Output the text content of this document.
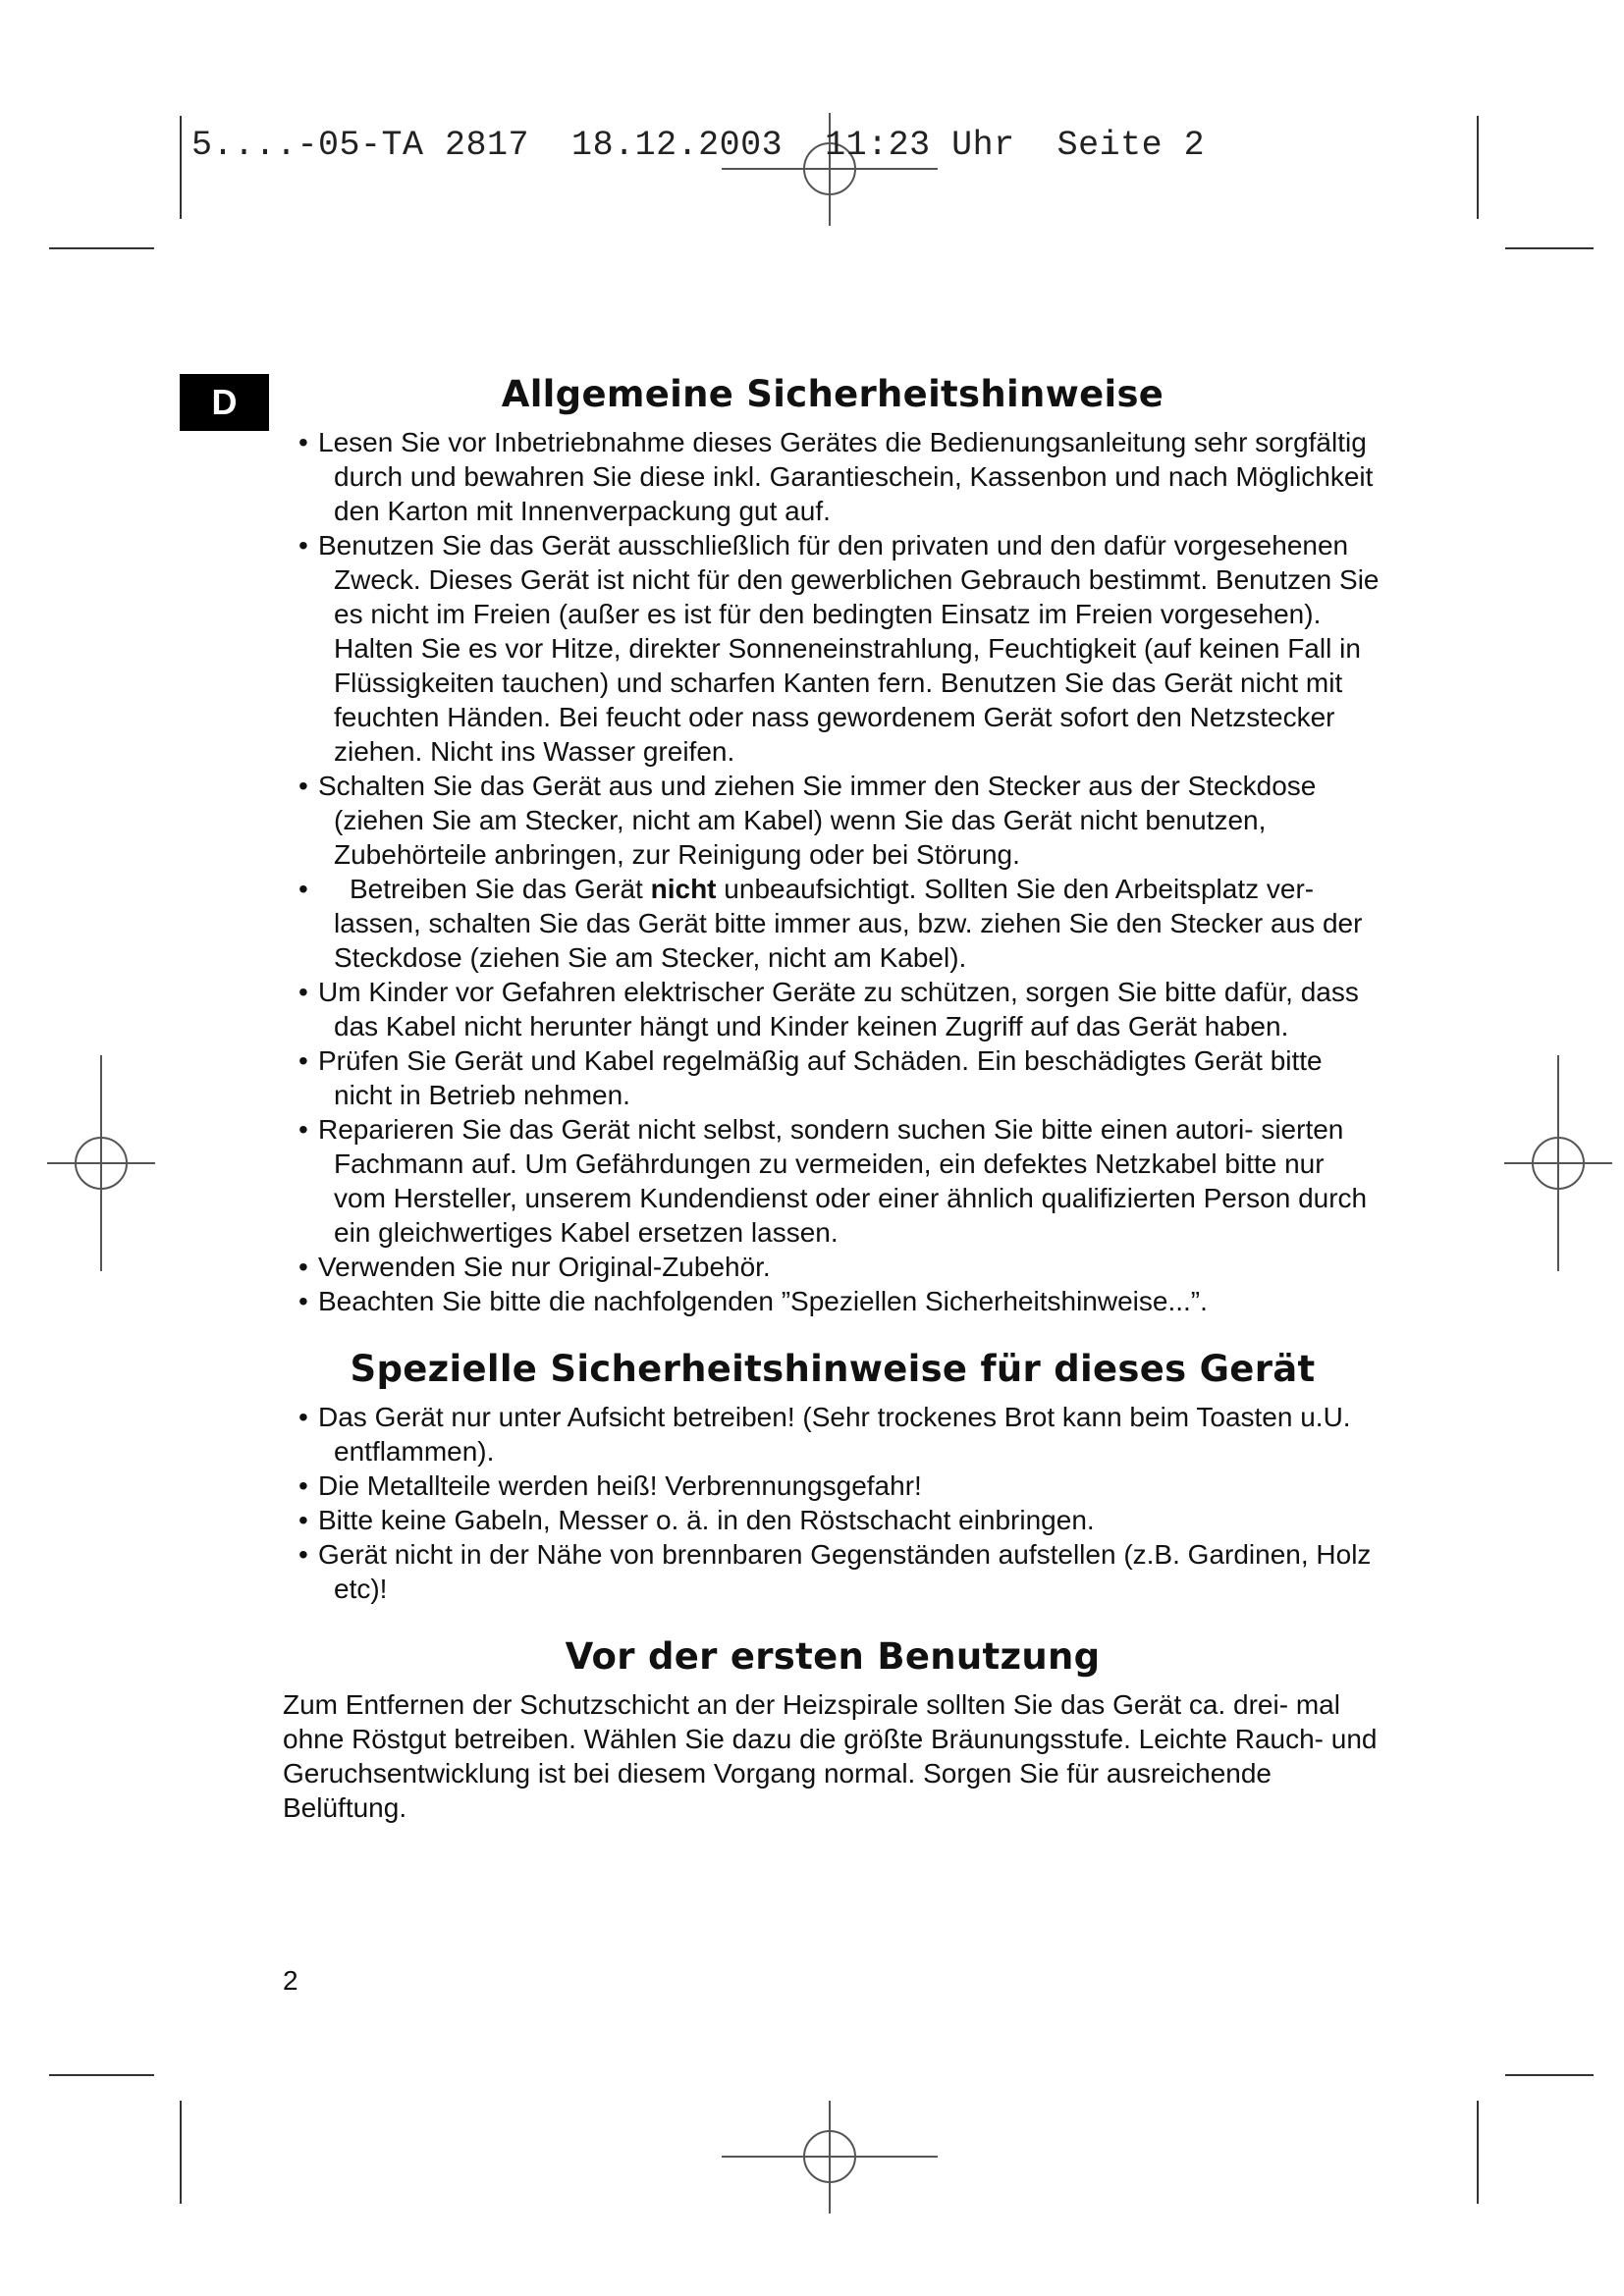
5....-05-TA 2817  18.12.2003  11:23 Uhr  Seite 2
D	Allgemeine Sicherheitshinweise
• Lesen Sie vor Inbetriebnahme dieses Gerätes die Bedienungsanleitung sehr sorgfältig durch und bewahren Sie diese inkl. Garantieschein, Kassenbon und nach Möglichkeit den Karton mit Innenverpackung gut auf.
• Benutzen Sie das Gerät ausschließlich für den privaten und den dafür vorgesehenen Zweck. Dieses Gerät ist nicht für den gewerblichen Gebrauch bestimmt. Benutzen Sie es nicht im Freien (außer es ist für den bedingten Einsatz im Freien vorgesehen). Halten Sie es vor Hitze, direkter Sonneneinstrahlung, Feuchtigkeit (auf keinen Fall in Flüssigkeiten tauchen) und scharfen Kanten fern. Benutzen Sie das Gerät nicht mit feuchten Händen. Bei feucht oder nass gewordenem Gerät sofort den Netzstecker ziehen. Nicht ins Wasser greifen.
• Schalten Sie das Gerät aus und ziehen Sie immer den Stecker aus der Steckdose (ziehen Sie am Stecker, nicht am Kabel) wenn Sie das Gerät nicht benutzen, Zubehörteile anbringen, zur Reinigung oder bei Störung.
• Betreiben Sie das Gerät nicht unbeaufsichtigt. Sollten Sie den Arbeitsplatz ver- lassen, schalten Sie das Gerät bitte immer aus, bzw. ziehen Sie den Stecker aus der Steckdose (ziehen Sie am Stecker, nicht am Kabel).
• Um Kinder vor Gefahren elektrischer Geräte zu schützen, sorgen Sie bitte dafür, dass das Kabel nicht herunter hängt und Kinder keinen Zugriff auf das Gerät haben.
• Prüfen Sie Gerät und Kabel regelmäßig auf Schäden. Ein beschädigtes Gerät bitte nicht in Betrieb nehmen.
• Reparieren Sie das Gerät nicht selbst, sondern suchen Sie bitte einen autori- sierten Fachmann auf. Um Gefährdungen zu vermeiden, ein defektes Netzkabel bitte nur vom Hersteller, unserem Kundendienst oder einer ähnlich qualifizierten Person durch ein gleichwertiges Kabel ersetzen lassen.
• Verwenden Sie nur Original-Zubehör.
• Beachten Sie bitte die nachfolgenden ”Speziellen Sicherheitshinweise...”.
Spezielle Sicherheitshinweise für dieses Gerät
• Das Gerät nur unter Aufsicht betreiben! (Sehr trockenes Brot kann beim Toasten u.U. entflammen).
• Die Metallteile werden heiß! Verbrennungsgefahr!
• Bitte keine Gabeln, Messer o. ä. in den Röstschacht einbringen.
• Gerät nicht in der Nähe von brennbaren Gegenständen aufstellen (z.B. Gardinen, Holz etc)!
Vor der ersten Benutzung

Zum Entfernen der Schutzschicht an der Heizspirale sollten Sie das Gerät ca. drei- mal ohne Röstgut betreiben. Wählen Sie dazu die größte Bräunungsstufe. Leichte Rauch- und Geruchsentwicklung ist bei diesem Vorgang normal. Sorgen Sie für ausreichende Belüftung.

2
